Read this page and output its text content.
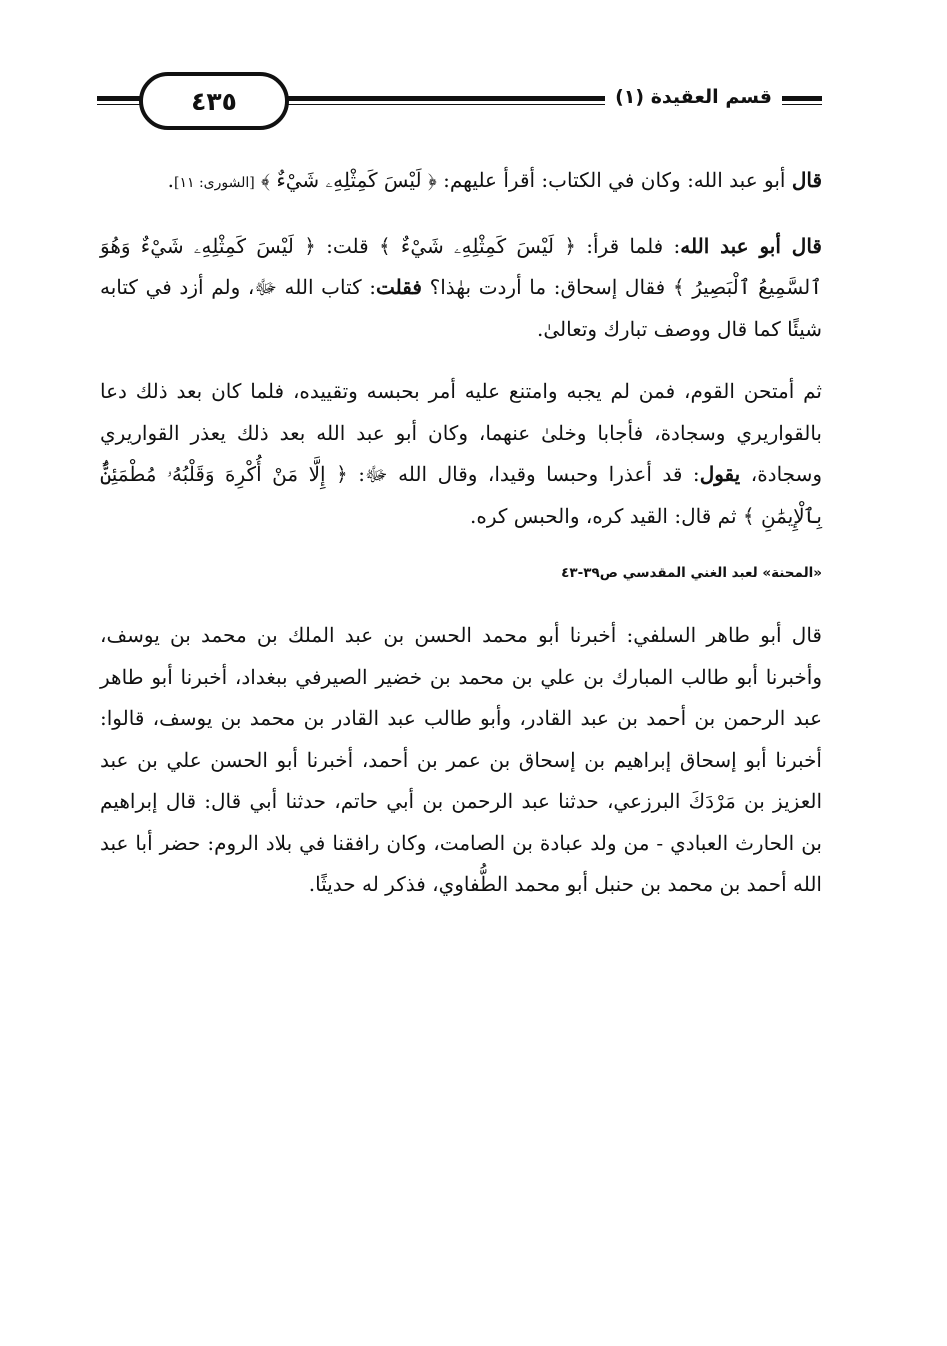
٤٣٥	قسم العقيدة (١)

قال أبو عبد الله: وكان في الكتاب: أقرأ عليهم: ﴿ لَيْسَ كَمِثْلِهِۦ شَيْءٌ ﴾ [الشورى: ١١].

قال أبو عبد الله: فلما قرأ: ﴿ لَيْسَ كَمِثْلِهِۦ شَيْءٌ ﴾ قلت: ﴿ لَيْسَ كَمِثْلِهِۦ شَيْءٌ وَهُوَ ٱلسَّمِيعُ ٱلْبَصِيرُ ﴾ فقال إسحاق: ما أردت بهٰذا؟ فقلت: كتاب الله ﷻ، ولم أزد في كتابه شيئًا كما قال ووصف تبارك وتعالىٰ.

ثم أمتحن القوم، فمن لم يجبه وامتنع عليه أمر بحبسه وتقييده، فلما كان بعد ذلك دعا بالقواريري وسجادة، فأجابا وخلىٰ عنهما، وكان أبو عبد الله بعد ذلك يعذر القواريري وسجادة، يقول: قد أعذرا وحبسا وقيدا، وقال الله ﷻ: ﴿ إِلَّا مَنْ أُكْرِهَ وَقَلْبُهُۥ مُطْمَئِنٌّۢ بِٱلْإِيمَٰنِ ﴾ ثم قال: القيد كره، والحبس كره.

«المحنة» لعبد الغني المقدسي ص٣٩-٤٣

قال أبو طاهر السلفي: أخبرنا أبو محمد الحسن بن عبد الملك بن محمد بن يوسف، وأخبرنا أبو طالب المبارك بن علي بن محمد بن خضير الصيرفي ببغداد، أخبرنا أبو طاهر عبد الرحمن بن أحمد بن عبد القادر، وأبو طالب عبد القادر بن محمد بن يوسف، قالوا: أخبرنا أبو إسحاق إبراهيم بن إسحاق بن عمر بن أحمد، أخبرنا أبو الحسن علي بن عبد العزيز بن مَرْدَكَ البرزعي، حدثنا عبد الرحمن بن أبي حاتم، حدثنا أبي قال: قال إبراهيم بن الحارث العبادي - من ولد عبادة بن الصامت، وكان رافقنا في بلاد الروم: حضر أبا عبد الله أحمد بن محمد بن حنبل أبو محمد الطُّفاوي، فذكر له حديثًا.
